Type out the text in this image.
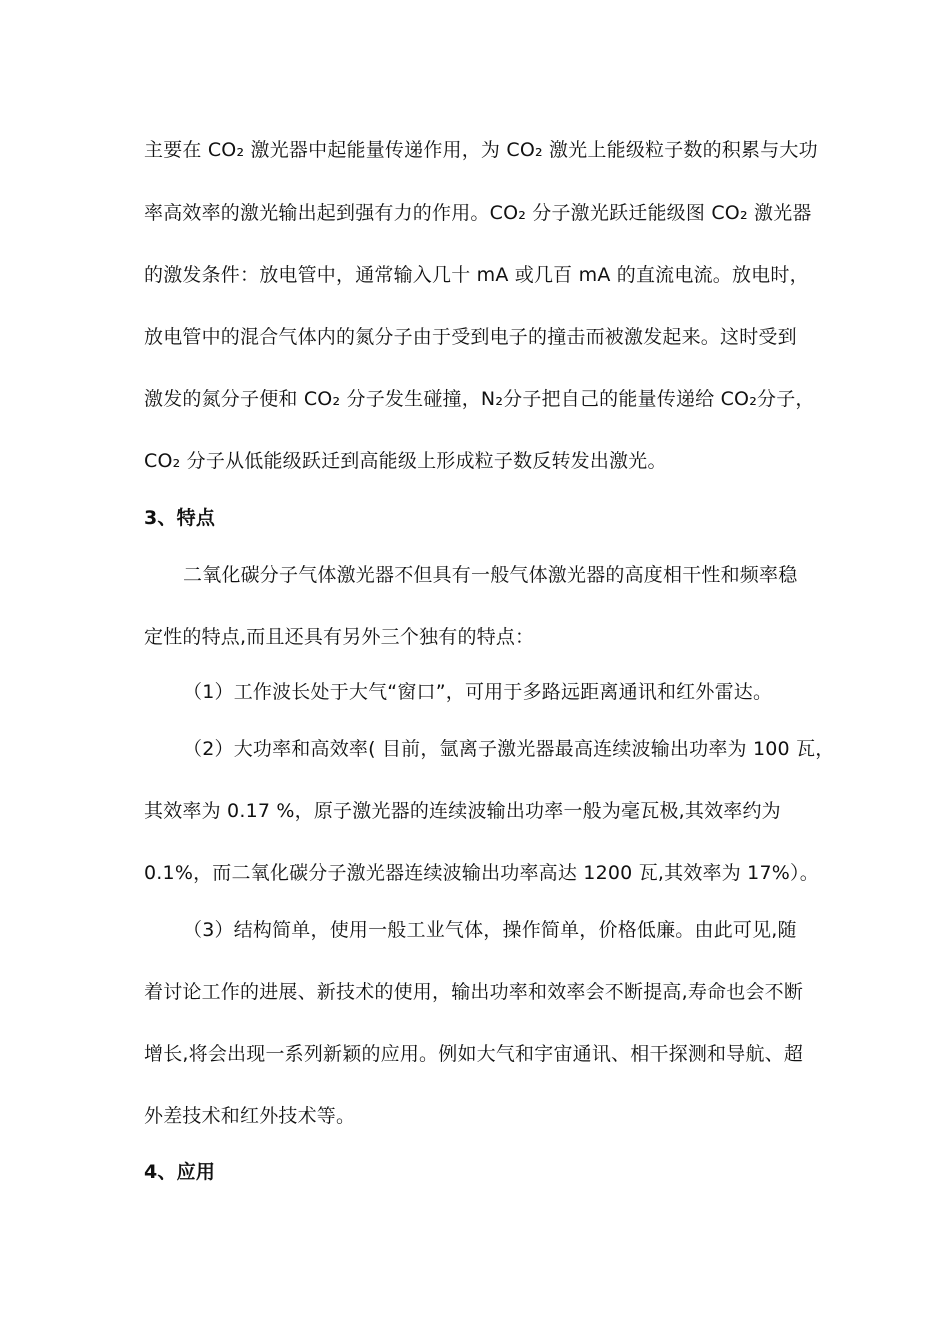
主要在 CO₂ 激光器中起能量传递作用，为 CO₂ 激光上能级粒子数的积累与大功
率高效率的激光输出起到强有力的作用。CO₂ 分子激光跃迁能级图 CO₂ 激光器
的激发条件：放电管中，通常输入几十 mA 或几百 mA 的直流电流。放电时，
放电管中的混合气体内的氮分子由于受到电子的撞击而被激发起来。这时受到
激发的氮分子便和 CO₂ 分子发生碰撞，N₂分子把自己的能量传递给 CO₂分子，
CO₂ 分子从低能级跃迁到高能级上形成粒子数反转发出激光。
3、特点
二氧化碳分子气体激光器不但具有一般气体激光器的高度相干性和频率稳
定性的特点,而且还具有另外三个独有的特点：
（1）工作波长处于大气“窗口”，可用于多路远距离通讯和红外雷达。
（2）大功率和高效率( 目前，氩离子激光器最高连续波输出功率为 100 瓦，
其效率为 0.17 %，原子激光器的连续波输出功率一般为毫瓦极,其效率约为
0.1%，而二氧化碳分子激光器连续波输出功率高达 1200 瓦,其效率为 17%）。
（3）结构简单，使用一般工业气体，操作简单，价格低廉。由此可见,随
着讨论工作的进展、新技术的使用，输出功率和效率会不断提高,寿命也会不断
增长,将会出现一系列新颖的应用。例如大气和宇宙通讯、相干探测和导航、超
外差技术和红外技术等。
4、应用
